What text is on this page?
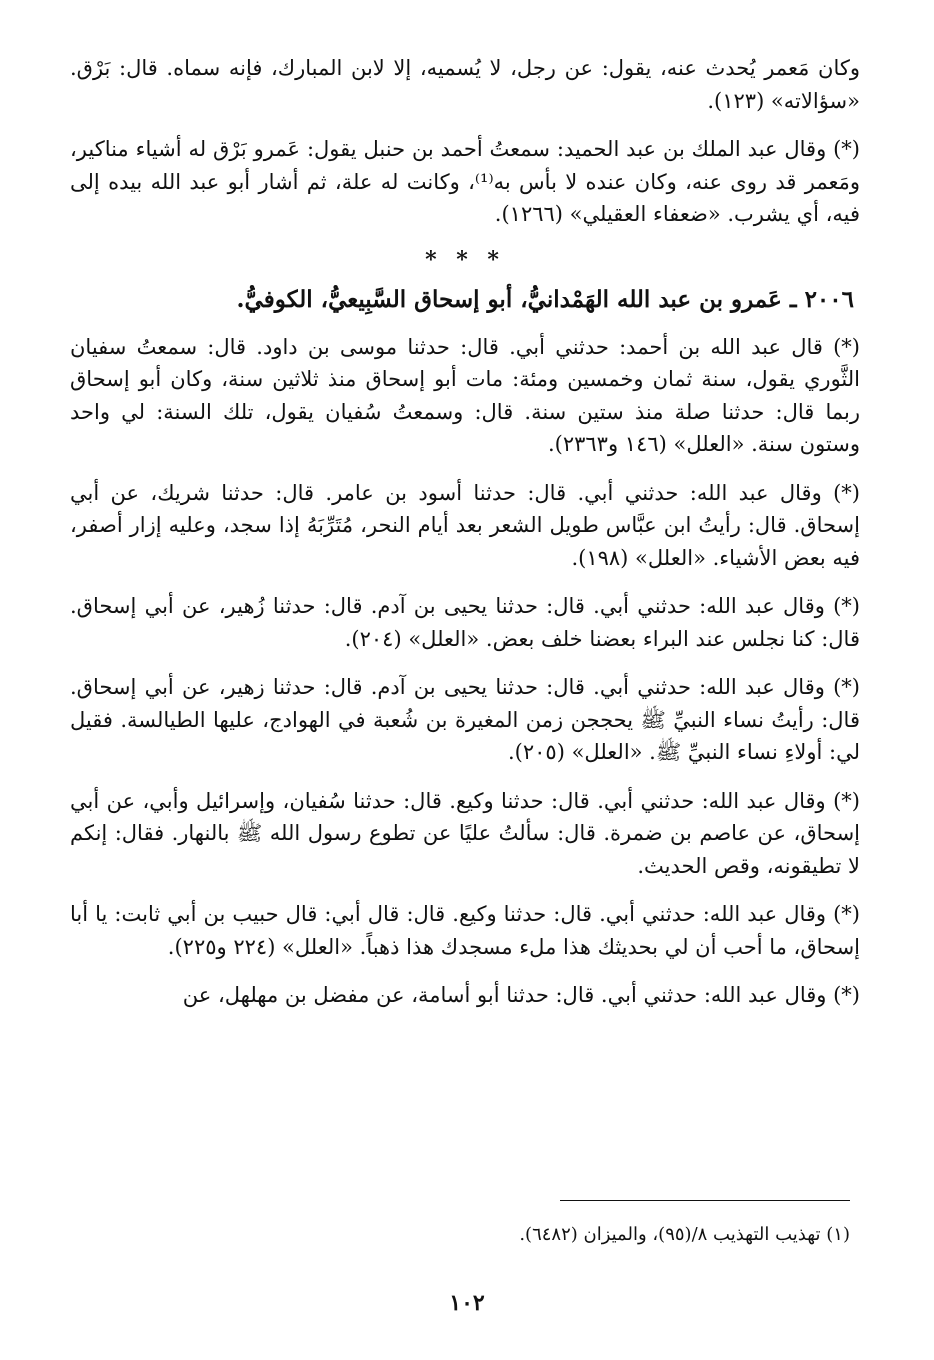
وكان مَعمر يُحدث عنه، يقول: عن رجل، لا يُسميه، إلا لابن المبارك، فإنه سماه. قال: بَرْق. «سؤالاته» (١٢٣).

(*) وقال عبد الملك بن عبد الحميد: سمعتُ أحمد بن حنبل يقول: عَمرو بَرْق له أشياء مناكير، ومَعمر قد روى عنه، وكان عنده لا بأس به⁽¹⁾، وكانت له علة، ثم أشار أبو عبد الله بيده إلى فيه، أي يشرب. «ضعفاء العقيلي» (١٢٦٦).

* * *
٢٠٠٦ ـ عَمرو بن عبد الله الهَمْدانيُّ، أبو إسحاق السَّبِيعيُّ، الكوفيُّ.

(*) قال عبد الله بن أحمد: حدثني أبي. قال: حدثنا موسى بن داود. قال: سمعتُ سفيان الثَّوري يقول، سنة ثمان وخمسين ومئة: مات أبو إسحاق منذ ثلاثين سنة، وكان أبو إسحاق ربما قال: حدثنا صلة منذ ستين سنة. قال: وسمعتُ سُفيان يقول، تلك السنة: لي واحد وستون سنة. «العلل» (١٤٦ و٢٣٦٣).

(*) وقال عبد الله: حدثني أبي. قال: حدثنا أسود بن عامر. قال: حدثنا شريك، عن أبي إسحاق. قال: رأيتُ ابن عبَّاس طويل الشعر بعد أيام النحر، مُتَرِّبَهُ إذا سجد، وعليه إزار أصفر، فيه بعض الأشياء. «العلل» (١٩٨).

(*) وقال عبد الله: حدثني أبي. قال: حدثنا يحيى بن آدم. قال: حدثنا زُهير، عن أبي إسحاق. قال: كنا نجلس عند البراء بعضنا خلف بعض. «العلل» (٢٠٤).

(*) وقال عبد الله: حدثني أبي. قال: حدثنا يحيى بن آدم. قال: حدثنا زهير، عن أبي إسحاق. قال: رأيتُ نساء النبيِّ ﷺ يحججن زمن المغيرة بن شُعبة في الهوادج، عليها الطيالسة. فقيل لي: أولاءِ نساء النبيِّ ﷺ. «العلل» (٢٠٥).

(*) وقال عبد الله: حدثني أبي. قال: حدثنا وكيع. قال: حدثنا سُفيان، وإسرائيل وأبي، عن أبي إسحاق، عن عاصم بن ضمرة. قال: سألتُ عليًا عن تطوع رسول الله ﷺ بالنهار. فقال: إنكم لا تطيقونه، وقص الحديث.

(*) وقال عبد الله: حدثني أبي. قال: حدثنا وكيع. قال: قال أبي: قال حبيب بن أبي ثابت: يا أبا إسحاق، ما أحب أن لي بحديثك هذا ملء مسجدك هذا ذهباً. «العلل» (٢٢٤ و٢٢٥).

(*) وقال عبد الله: حدثني أبي. قال: حدثنا أبو أسامة، عن مفضل بن مهلهل، عن

(١) تهذيب التهذيب ٨/(٩٥)، والميزان (٦٤٨٢).
١٠٢
